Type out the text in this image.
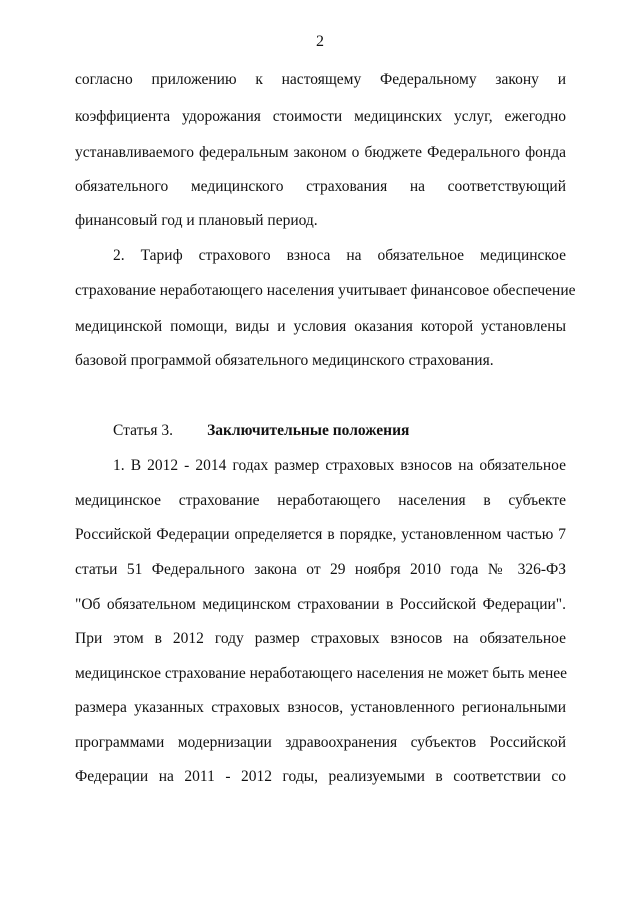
2
согласно приложению к настоящему Федеральному закону и
коэффициента удорожания стоимости медицинских услуг, ежегодно
устанавливаемого федеральным законом о бюджете Федерального фонда
обязательного медицинского страхования на соответствующий
финансовый год и плановый период.
2. Тариф страхового взноса на обязательное медицинское
страхование неработающего населения учитывает финансовое обеспечение
медицинской помощи, виды и условия оказания которой установлены
базовой программой обязательного медицинского страхования.
Статья 3. Заключительные положения
1. В 2012 - 2014 годах размер страховых взносов на обязательное
медицинское страхование неработающего населения в субъекте
Российской Федерации определяется в порядке, установленном частью 7
статьи 51 Федерального закона от 29 ноября 2010 года № 326-ФЗ
"Об обязательном медицинском страховании в Российской Федерации".
При этом в 2012 году размер страховых взносов на обязательное
медицинское страхование неработающего населения не может быть менее
размера указанных страховых взносов, установленного региональными
программами модернизации здравоохранения субъектов Российской
Федерации на 2011 - 2012 годы, реализуемыми в соответствии со
